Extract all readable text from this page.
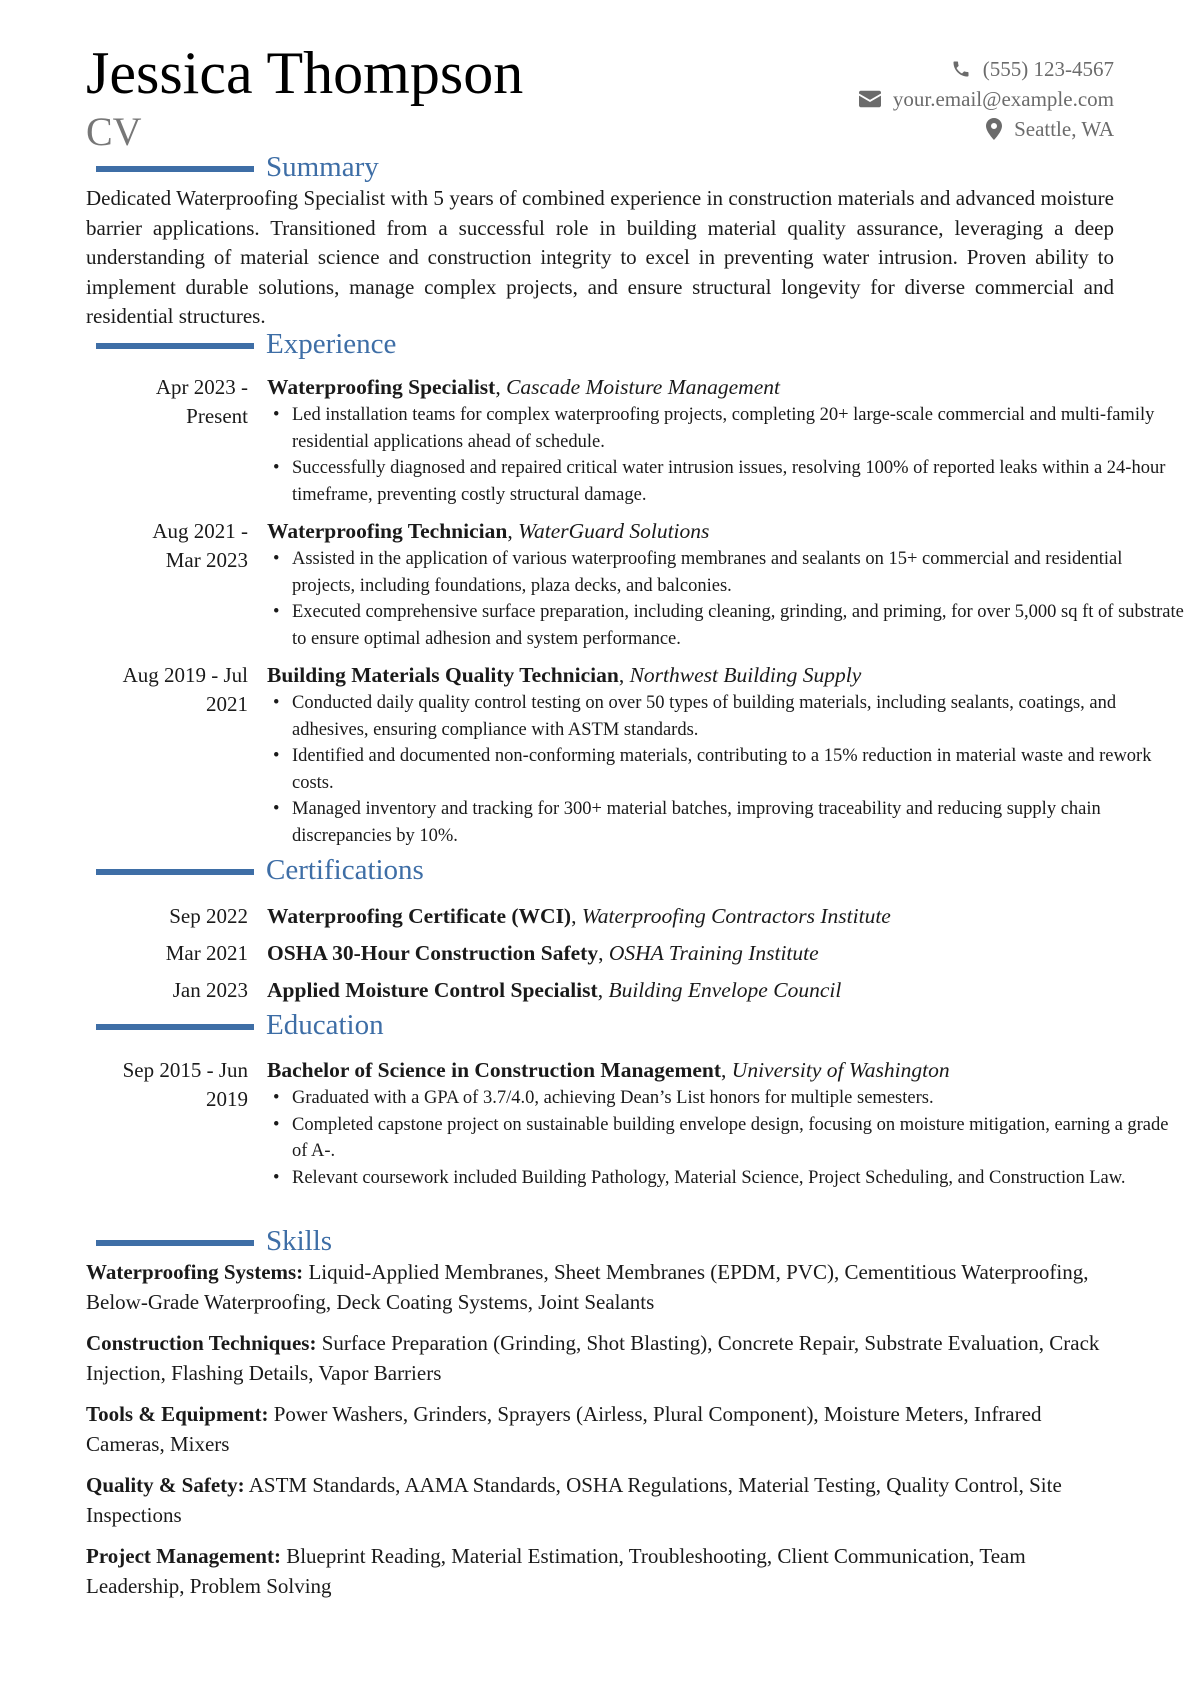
Jessica Thompson
CV
(555) 123-4567
your.email@example.com
Seattle, WA
Summary

Dedicated Waterproofing Specialist with 5 years of combined experience in construction materials and advanced moisture barrier applications. Transitioned from a successful role in building material quality assurance, leveraging a deep understanding of material science and construction integrity to excel in preventing water intrusion. Proven ability to implement durable solutions, manage complex projects, and ensure structural longevity for diverse commercial and residential structures.

Experience
Apr 2023 -
Present
Waterproofing Specialist, Cascade Moisture Management
• Led installation teams for complex waterproofing projects, completing 20+ large-scale commercial and multi-family residential applications ahead of schedule.
• Successfully diagnosed and repaired critical water intrusion issues, resolving 100% of reported leaks within a 24-hour timeframe, preventing costly structural damage.
Aug 2021 -
Mar 2023
Waterproofing Technician, WaterGuard Solutions
• Assisted in the application of various waterproofing membranes and sealants on 15+ commercial and residential projects, including foundations, plaza decks, and balconies.
• Executed comprehensive surface preparation, including cleaning, grinding, and priming, for over 5,000 sq ft of substrate to ensure optimal adhesion and system performance.
Aug 2019 - Jul
2021
Building Materials Quality Technician, Northwest Building Supply
• Conducted daily quality control testing on over 50 types of building materials, including sealants, coatings, and adhesives, ensuring compliance with ASTM standards.
• Identified and documented non-conforming materials, contributing to a 15% reduction in material waste and rework costs.
• Managed inventory and tracking for 300+ material batches, improving traceability and reducing supply chain discrepancies by 10%.
Certifications
Sep 2022 Waterproofing Certificate (WCI), Waterproofing Contractors Institute
Mar 2021 OSHA 30-Hour Construction Safety, OSHA Training Institute
Jan 2023 Applied Moisture Control Specialist, Building Envelope Council
Education
Sep 2015 - Jun
2019
Bachelor of Science in Construction Management, University of Washington
• Graduated with a GPA of 3.7/4.0, achieving Dean’s List honors for multiple semesters.
• Completed capstone project on sustainable building envelope design, focusing on moisture mitigation, earning a grade of A-.
• Relevant coursework included Building Pathology, Material Science, Project Scheduling, and Construction Law.
Skills

Waterproofing Systems: Liquid-Applied Membranes, Sheet Membranes (EPDM, PVC), Cementitious Waterproofing, Below-Grade Waterproofing, Deck Coating Systems, Joint Sealants

Construction Techniques: Surface Preparation (Grinding, Shot Blasting), Concrete Repair, Substrate Evaluation, Crack Injection, Flashing Details, Vapor Barriers

Tools & Equipment: Power Washers, Grinders, Sprayers (Airless, Plural Component), Moisture Meters, Infrared Cameras, Mixers

Quality & Safety: ASTM Standards, AAMA Standards, OSHA Regulations, Material Testing, Quality Control, Site Inspections

Project Management: Blueprint Reading, Material Estimation, Troubleshooting, Client Communication, Team Leadership, Problem Solving
